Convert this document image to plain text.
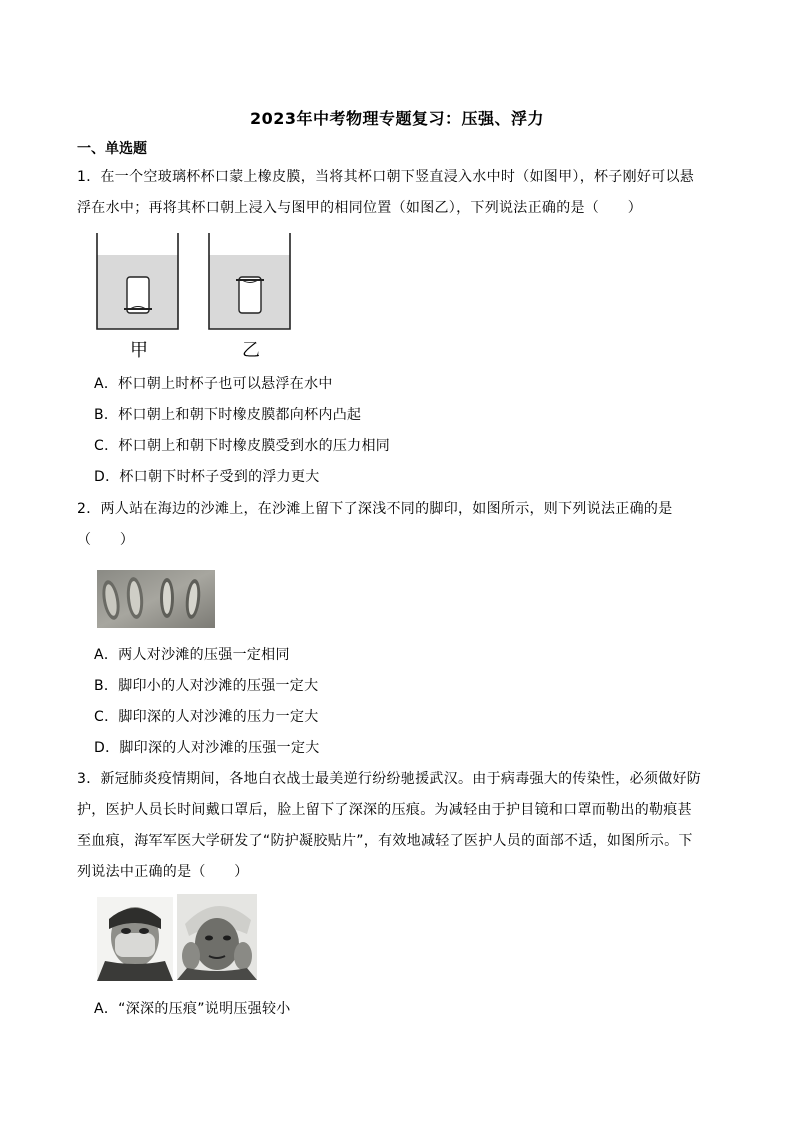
2023年中考物理专题复习：压强、浮力
一、单选题
1．在一个空玻璃杯杯口蒙上橡皮膜，当将其杯口朝下竖直浸入水中时（如图甲），杯子刚好可以悬
浮在水中；再将其杯口朝上浸入与图甲的相同位置（如图乙），下列说法正确的是（　　）
甲	乙
A．杯口朝上时杯子也可以悬浮在水中
B．杯口朝上和朝下时橡皮膜都向杯内凸起
C．杯口朝上和朝下时橡皮膜受到水的压力相同
D．杯口朝下时杯子受到的浮力更大
2．两人站在海边的沙滩上，在沙滩上留下了深浅不同的脚印，如图所示，则下列说法正确的是
（　　）
A．两人对沙滩的压强一定相同
B．脚印小的人对沙滩的压强一定大
C．脚印深的人对沙滩的压力一定大
D．脚印深的人对沙滩的压强一定大
3．新冠肺炎疫情期间，各地白衣战士最美逆行纷纷驰援武汉。由于病毒强大的传染性，必须做好防
护，医护人员长时间戴口罩后，脸上留下了深深的压痕。为减轻由于护目镜和口罩而勒出的勒痕甚
至血痕，海军军医大学研发了“防护凝胶贴片”，有效地减轻了医护人员的面部不适，如图所示。下
列说法中正确的是（　　）
A．“深深的压痕”说明压强较小
